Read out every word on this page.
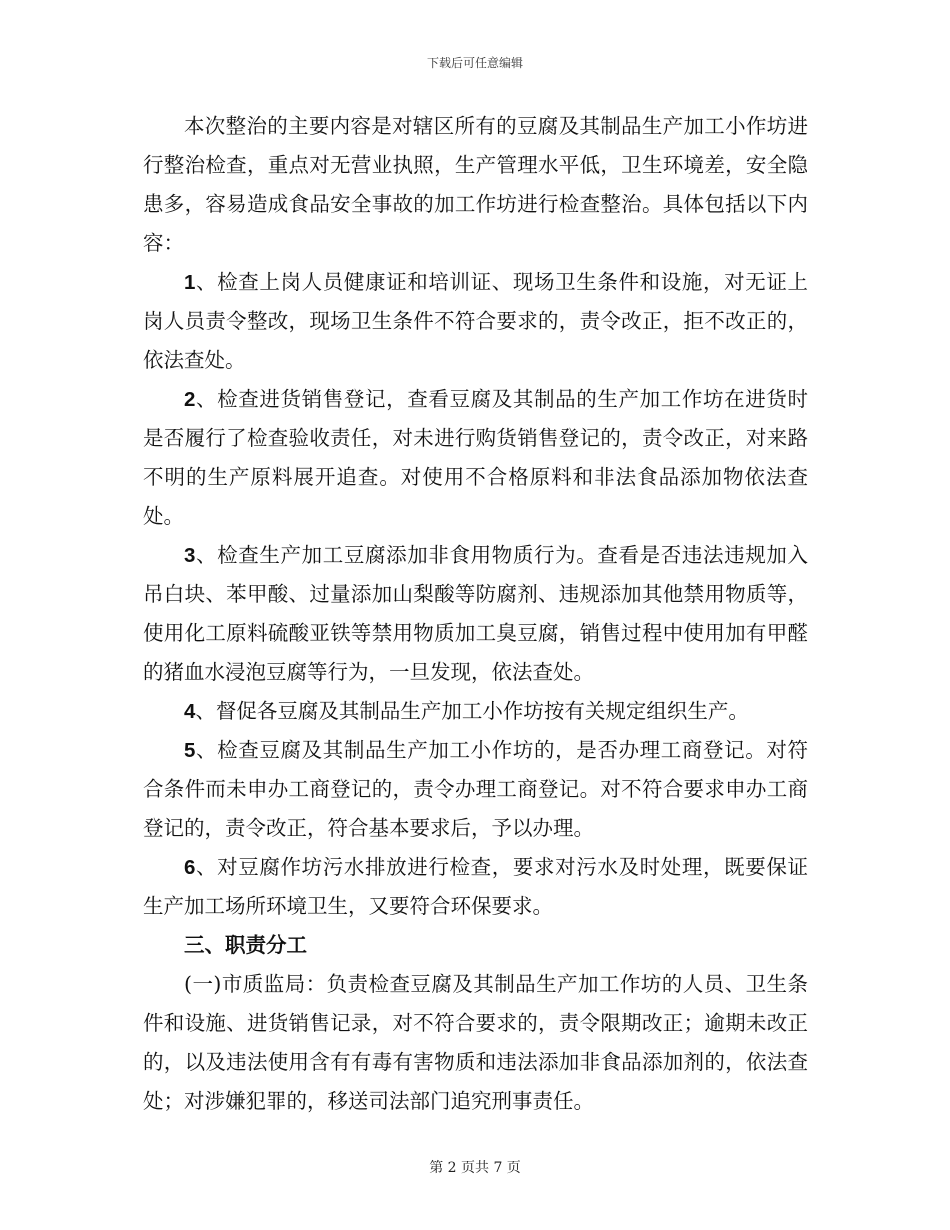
下载后可任意编辑

本次整治的主要内容是对辖区所有的豆腐及其制品生产加工小作坊进行整治检查，重点对无营业执照，生产管理水平低，卫生环境差，安全隐患多，容易造成食品安全事故的加工作坊进行检查整治。具体包括以下内容：

1、检查上岗人员健康证和培训证、现场卫生条件和设施，对无证上岗人员责令整改，现场卫生条件不符合要求的，责令改正，拒不改正的，依法查处。

2、检查进货销售登记，查看豆腐及其制品的生产加工作坊在进货时是否履行了检查验收责任，对未进行购货销售登记的，责令改正，对来路不明的生产原料展开追查。对使用不合格原料和非法食品添加物依法查处。

3、检查生产加工豆腐添加非食用物质行为。查看是否违法违规加入吊白块、苯甲酸、过量添加山梨酸等防腐剂、违规添加其他禁用物质等，使用化工原料硫酸亚铁等禁用物质加工臭豆腐，销售过程中使用加有甲醛的猪血水浸泡豆腐等行为，一旦发现，依法查处。

4、督促各豆腐及其制品生产加工小作坊按有关规定组织生产。

5、检查豆腐及其制品生产加工小作坊的，是否办理工商登记。对符合条件而未申办工商登记的，责令办理工商登记。对不符合要求申办工商登记的，责令改正，符合基本要求后，予以办理。

6、对豆腐作坊污水排放进行检查，要求对污水及时处理，既要保证生产加工场所环境卫生，又要符合环保要求。

三、职责分工

(一)市质监局：负责检查豆腐及其制品生产加工作坊的人员、卫生条件和设施、进货销售记录，对不符合要求的，责令限期改正；逾期未改正的，以及违法使用含有有毒有害物质和违法添加非食品添加剂的，依法查处；对涉嫌犯罪的，移送司法部门追究刑事责任。

第 2 页共 7 页
